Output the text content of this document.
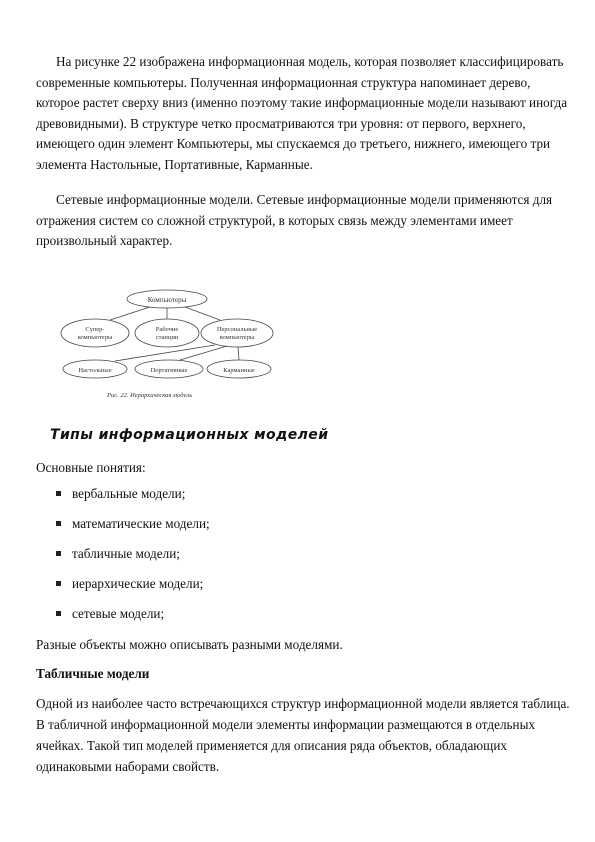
На рисунке 22 изображена информационная модель, которая позволяет классифицировать современные компьютеры. Полученная информационная структура напоминает дерево, которое растет сверху вниз (именно поэтому такие информационные модели называют иногда древовидными). В структуре четко просматриваются три уровня: от первого, верхнего, имеющего один элемент Компьютеры, мы спускаемся до третьего, нижнего, имеющего три элемента Настольные, Портативные, Карманные.

Сетевые информационные модели. Сетевые информационные модели применяются для отражения систем со сложной структурой, в которых связь между элементами имеет произвольный характер.

Компьютеры
Супер-
компьютеры
Рабочие
станции
Персональные
компьютеры
Настольные	Портативные	Карманные
Рис. 22. Иерархическая модель
Типы информационных моделей

Основные понятия:

вербальные модели;
математические модели;
табличные модели;
иерархические модели;
сетевые модели;

Разные объекты можно описывать разными моделями.

Табличные модели

Одной из наиболее часто встречающихся структур информационной модели является таблица. В табличной информационной модели элементы информации размещаются в отдельных ячейках. Такой тип моделей применяется для описания ряда объектов, обладающих одинаковыми наборами свойств.
